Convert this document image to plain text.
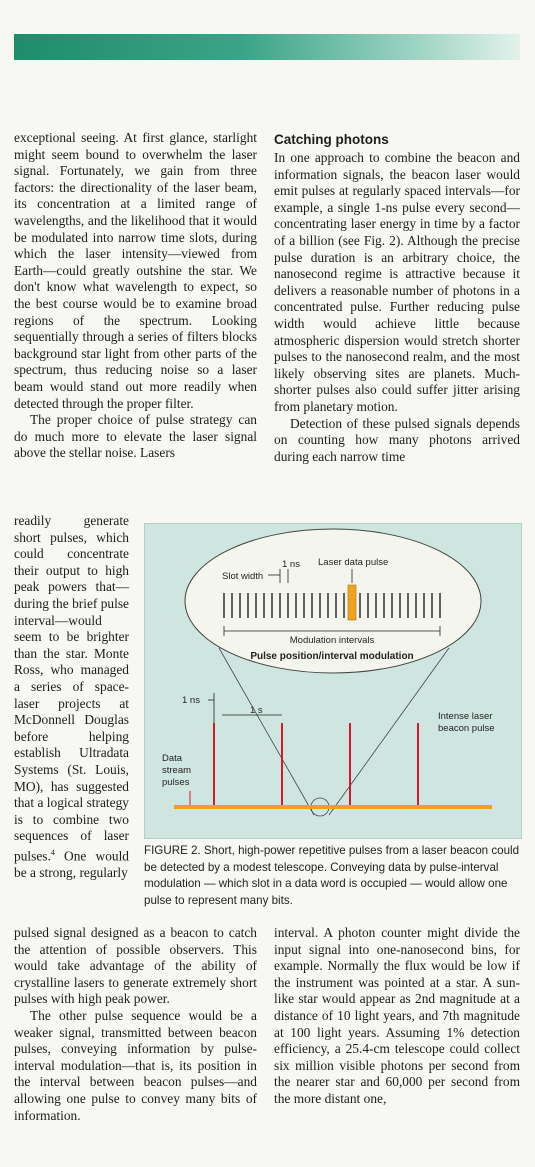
exceptional seeing. At first glance, starlight might seem bound to overwhelm the laser signal. Fortunately, we gain from three factors: the directionality of the laser beam, its concentration at a limited range of wavelengths, and the likelihood that it would be modulated into narrow time slots, during which the laser intensity—viewed from Earth—could greatly outshine the star. We don't know what wavelength to expect, so the best course would be to examine broad regions of the spectrum. Looking sequentially through a series of filters blocks background star light from other parts of the spectrum, thus reducing noise so a laser beam would stand out more readily when detected through the proper filter.

The proper choice of pulse strategy can do much more to elevate the laser signal above the stellar noise. Lasers

readily generate short pulses, which could concentrate their output to high peak powers that—during the brief pulse interval—would seem to be brighter than the star. Monte Ross, who managed a series of space-laser projects at McDonnell Douglas before helping establish Ultradata Systems (St. Louis, MO), has suggested that a logical strategy is to combine two sequences of laser pulses.$^4$ One would be a strong, regularly

pulsed signal designed as a beacon to catch the attention of possible observers. This would take advantage of the ability of crystalline lasers to generate extremely short pulses with high peak power.

The other pulse sequence would be a weaker signal, transmitted between beacon pulses, conveying information by pulse-interval modulation—that is, its position in the interval between beacon pulses—and allowing one pulse to convey many bits of information.

Catching photons

In one approach to combine the beacon and information signals, the beacon laser would emit pulses at regularly spaced intervals—for example, a single 1-ns pulse every second—concentrating laser energy in time by a factor of a billion (see Fig. 2). Although the precise pulse duration is an arbitrary choice, the nanosecond regime is attractive because it delivers a reasonable number of photons in a concentrated pulse. Further reducing pulse width would achieve little because atmospheric dispersion would stretch shorter pulses to the nanosecond realm, and the most likely observing sites are planets. Much-shorter pulses also could suffer jitter arising from planetary motion.

Detection of these pulsed signals depends on counting how many photons arrived during each narrow time

interval. A photon counter might divide the input signal into one-nanosecond bins, for example. Normally the flux would be low if the instrument was pointed at a star. A sun-like star would appear as 2nd magnitude at a distance of 10 light years, and 7th magnitude at 100 light years. Assuming 1% detection efficiency, a 25.4-cm telescope could collect six million visible photons per second from the nearer star and 60,000 per second from the more distant one,

1 ns
Slot width
Laser data pulse
Modulation intervals
Pulse position/interval modulation
1 ns
1 s
Intense laser beacon pulse
Data stream pulses
FIGURE 2. Short, high-power repetitive pulses from a laser beacon could be detected by a modest telescope. Conveying data by pulse-interval modulation — which slot in a data word is occupied — would allow one pulse to represent many bits.
